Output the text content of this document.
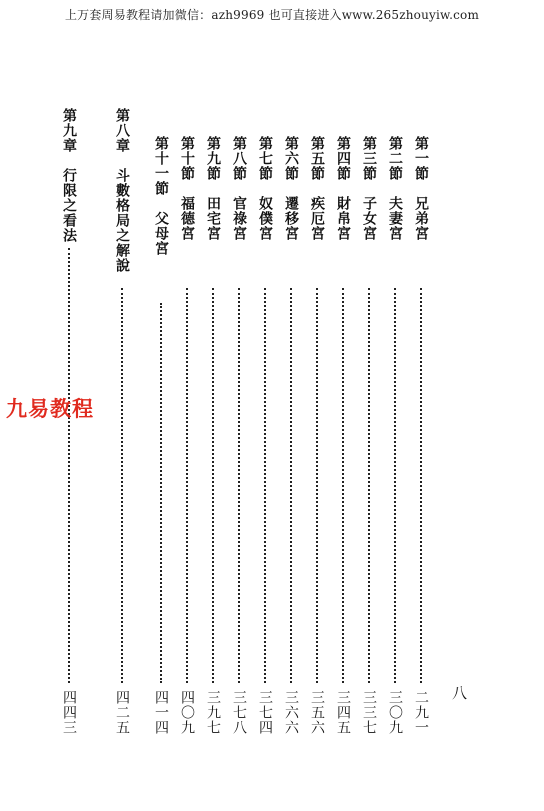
上万套周易教程请加微信：azh9969 也可直接进入www.265zhouyiw.com
八
第一節　兄弟宮
二九一
第二節　夫妻宮
三〇九
第三節　子女宮
三三七
第四節　財帛宮
三四五
第五節　疾厄宮
三五六
第六節　遷移宮
三六六
第七節　奴僕宮
三七四
第八節　官祿宮
三七八
第九節　田宅宮
三九七
第十節　福德宮
四〇九
第十一節　父母宮
四一四
第八章　斗數格局之解說
四二五
第九章　行限之看法
四四三
九易教程
